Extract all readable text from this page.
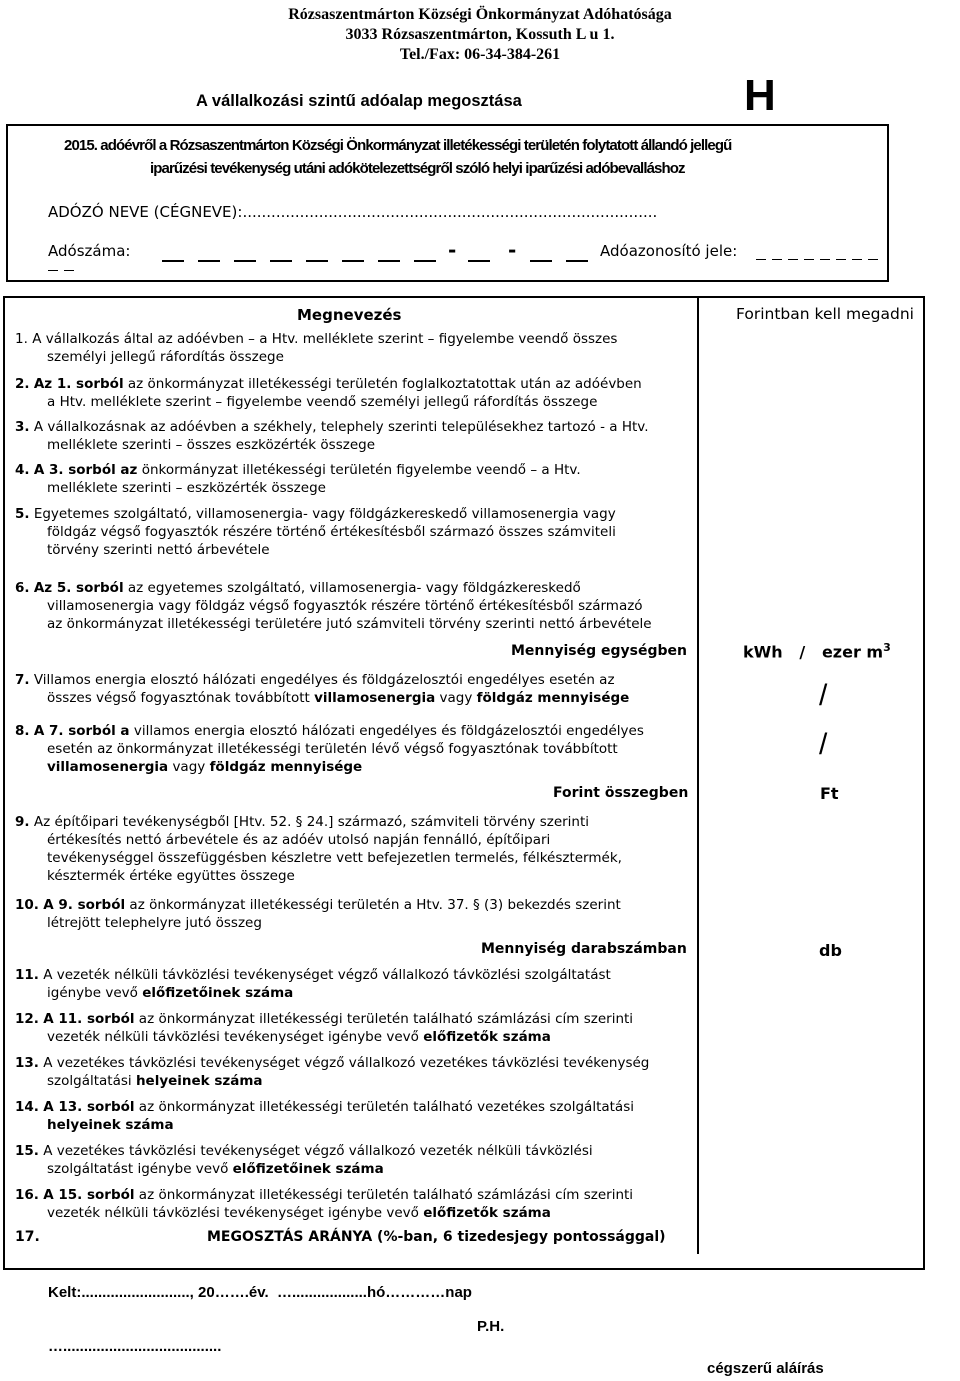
Rózsaszentmárton Községi Önkormányzat Adóhatósága
3033 Rózsaszentmárton, Kossuth L u 1.
Tel./Fax: 06-34-384-261
A vállalkozási szintű adóalap megosztása	H
2015. adóévről a Rózsaszentmárton Községi Önkormányzat illetékességi területén folytatott állandó jellegű
iparűzési tevékenység utáni adókötelezettségről szóló helyi iparűzési adóbevalláshoz
ADÓZÓ NEVE (CÉGNEVE):.......................................................................................
Adószáma:	-	-	Adóazonosító jele:
Megnevezés	Forintban kell megadni
1. A vállalkozás által az adóévben – a Htv. melléklete szerint – figyelembe veendő összes

személyi jellegű ráfordítás összege
2. Az 1. sorból az önkormányzat illetékességi területén foglalkoztatottak után az adóévben

a Htv. melléklete szerint – figyelembe veendő személyi jellegű ráfordítás összege
3. A vállalkozásnak az adóévben a székhely, telephely szerinti településekhez tartozó - a Htv.

melléklete szerinti – összes eszközérték összege
4. A 3. sorból az önkormányzat illetékességi területén figyelembe veendő – a Htv.

melléklete szerinti – eszközérték összege
5. Egyetemes szolgáltató, villamosenergia- vagy földgázkereskedő villamosenergia vagy

földgáz végső fogyasztók részére történő értékesítésből származó összes számviteli
törvény szerinti nettó árbevétele
6. Az 5. sorból az egyetemes szolgáltató, villamosenergia- vagy földgázkereskedő

villamosenergia vagy földgáz végső fogyasztók részére történő értékesítésből származó
az önkormányzat illetékességi területére jutó számviteli törvény szerinti nettó árbevétele
Mennyiség egységben	kWh   /   ezer $m^3$
7. Villamos energia elosztó hálózati engedélyes és földgázelosztói engedélyes esetén az

összes végső fogyasztónak továbbított villamosenergia vagy földgáz mennyisége	/
8. A 7. sorból a villamos energia elosztó hálózati engedélyes és földgázelosztói engedélyes

esetén az önkormányzat illetékességi területén lévő végső fogyasztónak továbbított
villamosenergia vagy földgáz mennyisége
/
Forint összegben	Ft
9. Az építőipari tevékenységből [Htv. 52. § 24.] származó, számviteli törvény szerinti

értékesítés nettó árbevétele és az adóév utolsó napján fennálló, építőipari
tevékenységgel összefüggésben készletre vett befejezetlen termelés, félkésztermék,
késztermék értéke együttes összege
10. A 9. sorból az önkormányzat illetékességi területén a Htv. 37. § (3) bekezdés szerint

létrejött telephelyre jutó összeg
Mennyiség darabszámban	db
11. A vezeték nélküli távközlési tevékenységet végző vállalkozó távközlési szolgáltatást

igénybe vevő előfizetőinek száma
12. A 11. sorból az önkormányzat illetékességi területén található számlázási cím szerinti

vezeték nélküli távközlési tevékenységet igénybe vevő előfizetők száma
13. A vezetékes távközlési tevékenységet végző vállalkozó vezetékes távközlési tevékenység

szolgáltatási helyeinek száma
14. A 13. sorból az önkormányzat illetékességi területén található vezetékes szolgáltatási

helyeinek száma
15. A vezetékes távközlési tevékenységet végző vállalkozó vezeték nélküli távközlési

szolgáltatást igénybe vevő előfizetőinek száma
16. A 15. sorból az önkormányzat illetékességi területén található számlázási cím szerinti

vezeték nélküli távközlési tevékenységet igénybe vevő előfizetők száma
17.	MEGOSZTÁS ARÁNYA (%-ban, 6 tizedesjegy pontossággal)
Kelt:.........................., 20…….év.  …..................hó…………nap
P.H.
…......................................
cégszerű aláírás
